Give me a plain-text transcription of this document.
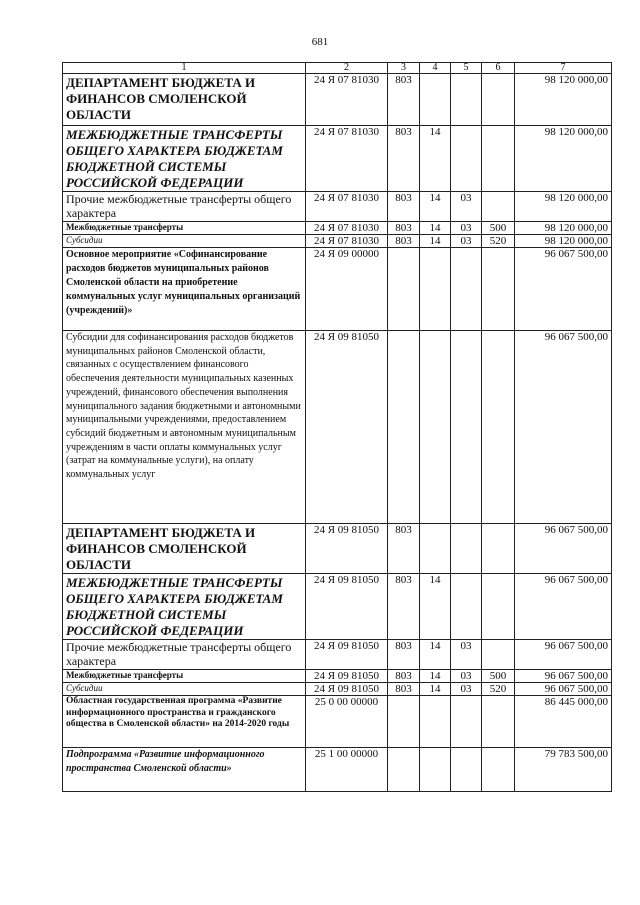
681
1	2	3	4	5	6	7
ДЕПАРТАМЕНТ БЮДЖЕТА И ФИНАНСОВ СМОЛЕНСКОЙ ОБЛАСТИ	24 Я 07 81030	803				98 120 000,00
МЕЖБЮДЖЕТНЫЕ ТРАНСФЕРТЫ ОБЩЕГО ХАРАКТЕРА БЮДЖЕТАМ БЮДЖЕТНОЙ СИСТЕМЫ РОССИЙСКОЙ ФЕДЕРАЦИИ	24 Я 07 81030	803	14			98 120 000,00
Прочие межбюджетные трансферты общего характера	24 Я 07 81030	803	14	03		98 120 000,00
Межбюджетные трансферты	24 Я 07 81030	803	14	03	500	98 120 000,00
Субсидии	24 Я 07 81030	803	14	03	520	98 120 000,00
Основное мероприятие «Софинансирование расходов бюджетов муниципальных районов Смоленской области на приобретение коммунальных услуг муниципальных организаций (учреждений)»	24 Я 09 00000					96 067 500,00
Субсидии для софинансирования расходов бюджетов муниципальных районов Смоленской области, связанных с осуществлением финансового обеспечения деятельности муниципальных казенных учреждений, финансового обеспечения выполнения муниципального задания бюджетными и автономными муниципальными учреждениями, предоставлением субсидий бюджетным и автономным муниципальным учреждениям в части оплаты коммунальных услуг (затрат на коммунальные услуги), на оплату коммунальных услуг	24 Я 09 81050					96 067 500,00
ДЕПАРТАМЕНТ БЮДЖЕТА И ФИНАНСОВ СМОЛЕНСКОЙ ОБЛАСТИ	24 Я 09 81050	803				96 067 500,00
МЕЖБЮДЖЕТНЫЕ ТРАНСФЕРТЫ ОБЩЕГО ХАРАКТЕРА БЮДЖЕТАМ БЮДЖЕТНОЙ СИСТЕМЫ РОССИЙСКОЙ ФЕДЕРАЦИИ	24 Я 09 81050	803	14			96 067 500,00
Прочие межбюджетные трансферты общего характера	24 Я 09 81050	803	14	03		96 067 500,00
Межбюджетные трансферты	24 Я 09 81050	803	14	03	500	96 067 500,00
Субсидии	24 Я 09 81050	803	14	03	520	96 067 500,00
Областная государственная программа «Развитие информационного пространства и гражданского общества в Смоленской области» на 2014-2020 годы	25 0 00 00000					86 445 000,00
Подпрограмма «Развитие информационного пространства Смоленской области»	25 1 00 00000					79 783 500,00
